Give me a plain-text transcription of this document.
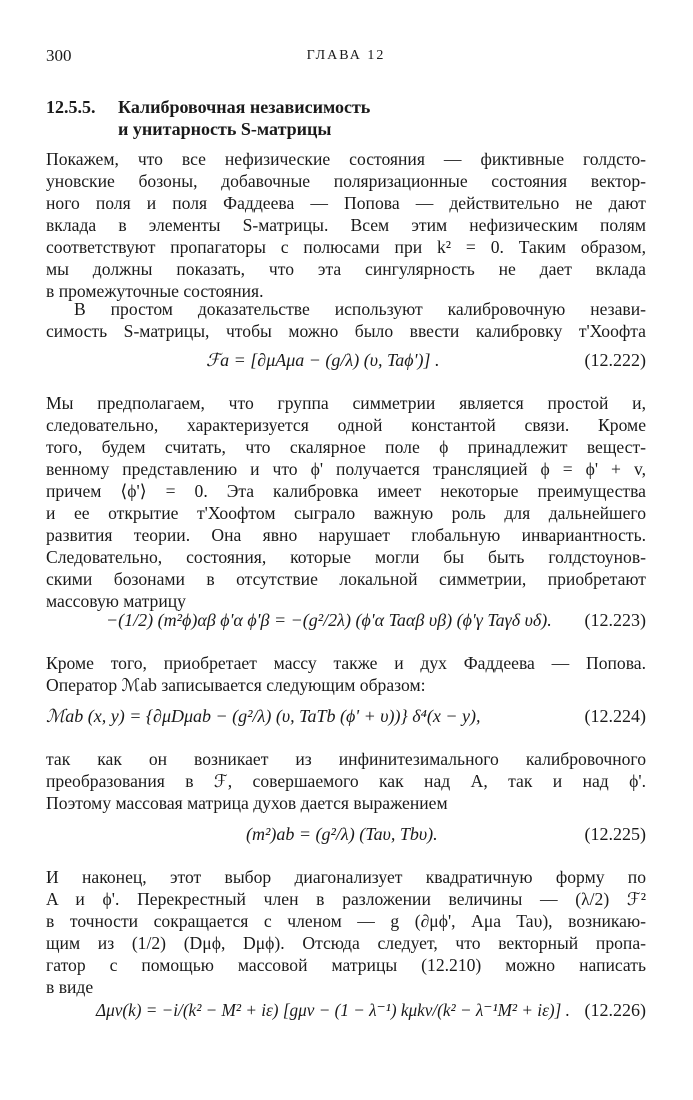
300	ГЛАВА 12
12.5.5. Калибровочная независимость
и унитарность S-матрицы
Покажем, что все нефизические состояния — фиктивные голдсто-
уновские бозоны, добавочные поляризационные состояния вектор-
ного поля и поля Фаддеева — Попова — действительно не дают
вклада в элементы S-матрицы. Всем этим нефизическим полям
соответствуют пропагаторы с полюсами при k² = 0. Таким образом,
мы должны показать, что эта сингулярность не дает вклада
в промежуточные состояния.
В простом доказательстве используют калибровочную незави-
симость S-матрицы, чтобы можно было ввести калибровку т'Хоофта
ℱa = [∂μAμa − (g/λ) (υ, Taϕ')] .	(12.222)
Мы предполагаем, что группа симметрии является простой и,
следовательно, характеризуется одной константой связи. Кроме
того, будем считать, что скалярное поле ϕ принадлежит вещест-
венному представлению и что ϕ' получается трансляцией ϕ = ϕ' + v,
причем ⟨ϕ'⟩ = 0. Эта калибровка имеет некоторые преимущества
и ее открытие т'Хоофтом сыграло важную роль для дальнейшего
развития теории. Она явно нарушает глобальную инвариантность.
Следовательно, состояния, которые могли бы быть голдстоунов-
скими бозонами в отсутствие локальной симметрии, приобретают
массовую матрицу
−(1/2) (m²ϕ)αβ ϕ'α ϕ'β = −(g²/2λ) (ϕ'α Taαβ υβ) (ϕ'γ Taγδ υδ). (12.223)
Кроме того, приобретает массу также и дух Фаддеева — Попова.
Оператор ℳab записывается следующим образом:
ℳab (x, y) = {∂μDμab − (g²/λ) (υ, TaTb (ϕ' + υ))} δ⁴(x − y),	(12.224)
так как он возникает из инфинитезимального калибровочного
преобразования в ℱ, совершаемого как над A, так и над ϕ'.
Поэтому массовая матрица духов дается выражением
(m²)ab = (g²/λ) (Taυ, Tbυ).	(12.225)
И наконец, этот выбор диагонализует квадратичную форму по
A и ϕ'. Перекрестный член в разложении величины — (λ/2) ℱ²
в точности сокращается с членом — g (∂μϕ', Aμa Taυ), возникаю-
щим из (1/2) (Dμϕ, Dμϕ). Отсюда следует, что векторный пропа-
гатор с помощью массовой матрицы (12.210) можно написать
в виде
Δμν(k) = −i/(k² − M² + iε) [gμν − (1 − λ⁻¹) kμkν/(k² − λ⁻¹M² + iε)] . (12.226)
